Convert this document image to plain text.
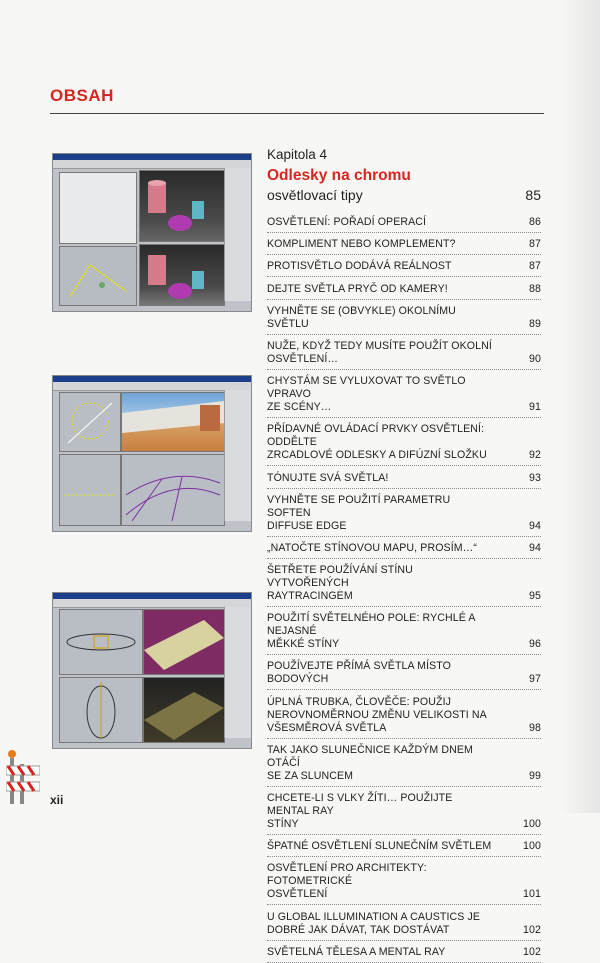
OBSAH
Kapitola 4
Odlesky na chromu
osvětlovací tipy	85
OSVĚTLENÍ: POŘADÍ OPERACÍ	86
KOMPLIMENT NEBO KOMPLEMENT?	87
PROTISVĚTLO DODÁVÁ REÁLNOST	87
DEJTE SVĚTLA PRYČ OD KAMERY!	88
VYHNĚTE SE (OBVYKLE) OKOLNÍMU SVĚTLU	89
NUŽE, KDYŽ TEDY MUSÍTE POUŽÍT OKOLNÍ
OSVĚTLENÍ…	90
CHYSTÁM SE VYLUXOVAT TO SVĚTLO VPRAVO
ZE SCÉNY…	91
PŘÍDAVNÉ OVLÁDACÍ PRVKY OSVĚTLENÍ: ODDĚLTE
ZRCADLOVÉ ODLESKY A DIFÚZNÍ SLOŽKU	92
TÓNUJTE SVÁ SVĚTLA!	93
VYHNĚTE SE POUŽITÍ PARAMETRU SOFTEN
DIFFUSE EDGE	94
„NATOČTE STÍNOVOU MAPU, PROSÍM…“	94
ŠETŘETE POUŽÍVÁNÍ STÍNU VYTVOŘENÝCH
RAYTRACINGEM	95
POUŽITÍ SVĚTELNÉHO POLE: RYCHLÉ A NEJASNÉ
MĚKKÉ STÍNY	96
POUŽÍVEJTE PŘÍMÁ SVĚTLA MÍSTO BODOVÝCH	97
ÚPLNÁ TRUBKA, ČLOVĚČE: POUŽIJ
NEROVNOMĚRNOU ZMĚNU VELIKOSTI NA
VŠESMĚROVÁ SVĚTLA	98
TAK JAKO SLUNEČNICE KAŽDÝM DNEM OTÁČÍ
SE ZA SLUNCEM	99
CHCETE-LI S VLKY ŽÍTI… POUŽIJTE MENTAL RAY
STÍNY	100
ŠPATNÉ OSVĚTLENÍ SLUNEČNÍM SVĚTLEM	100
OSVĚTLENÍ PRO ARCHITEKTY: FOTOMETRICKÉ
OSVĚTLENÍ	101
U GLOBAL ILLUMINATION A CAUSTICS JE
DOBRÉ JAK DÁVAT, TAK DOSTÁVAT	102
SVĚTELNÁ TĚLESA A MENTAL RAY	102
xii
